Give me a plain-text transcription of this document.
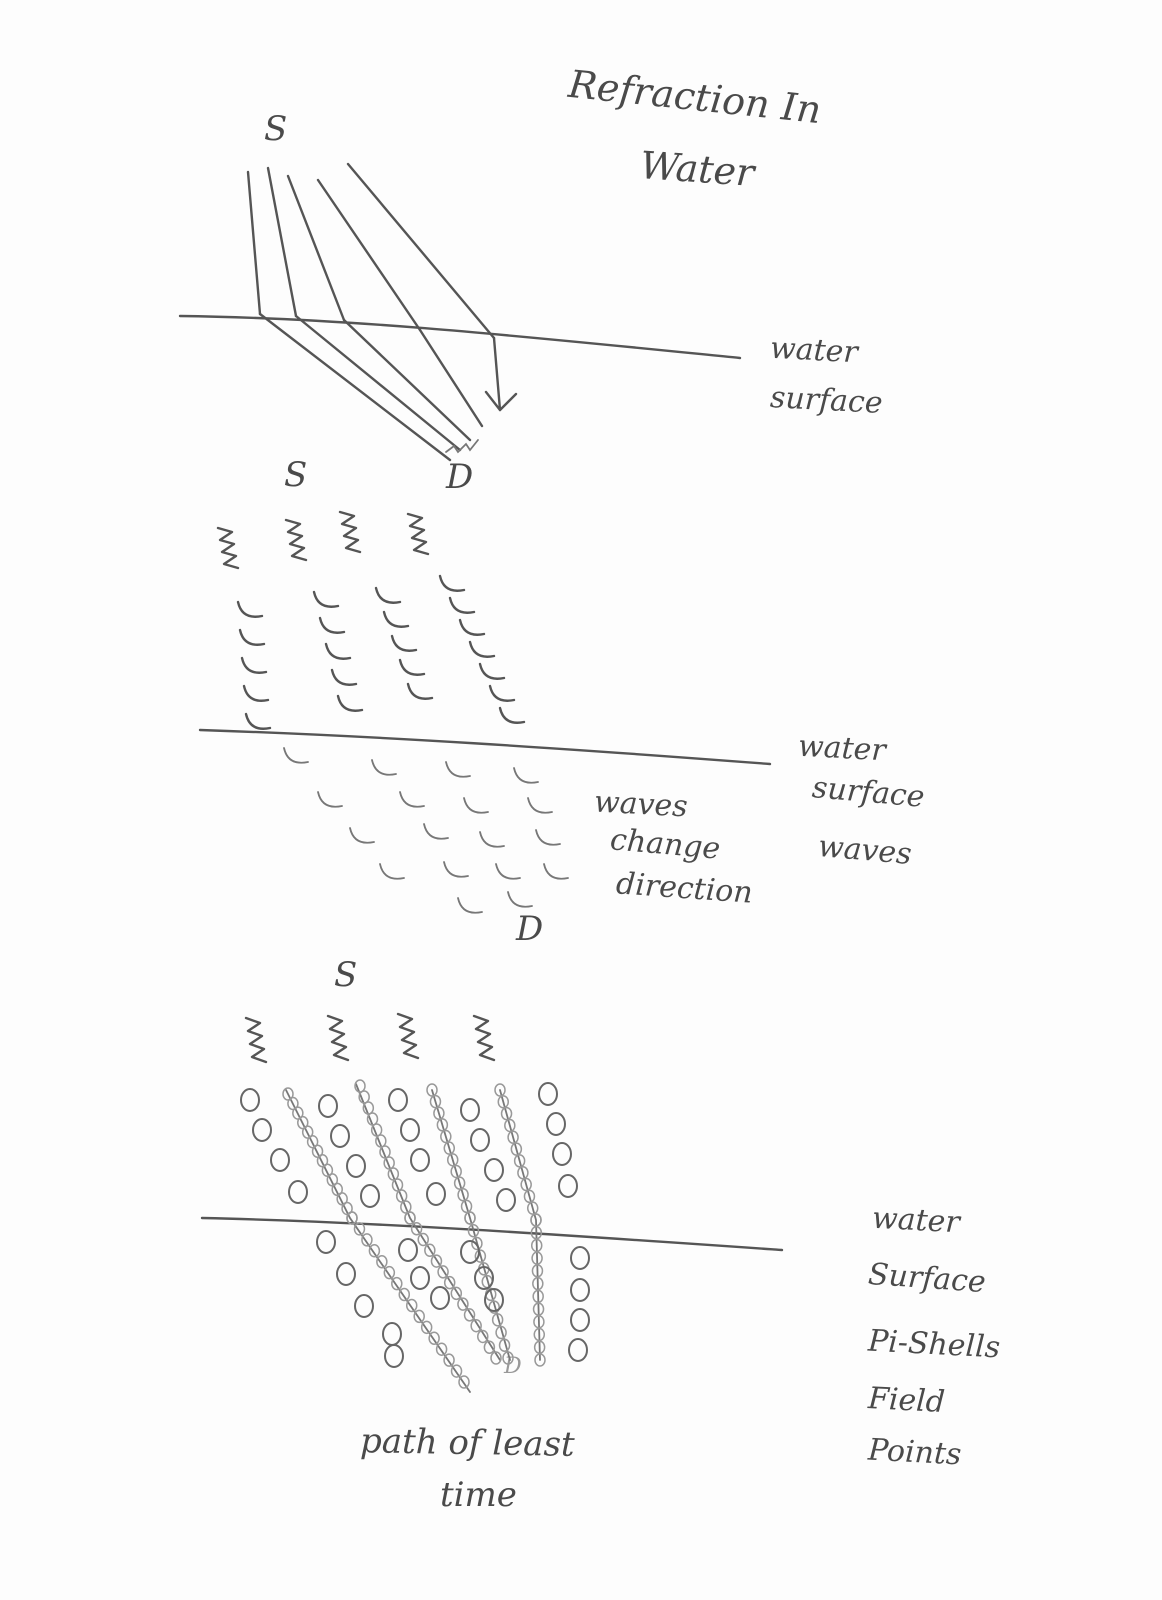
Refraction In
Water
S
D
water
surface
S
D
water
surface
waves
waves
change
direction
S
D
water
Surface
Pi-Shells
Field
Points
path of least
time
